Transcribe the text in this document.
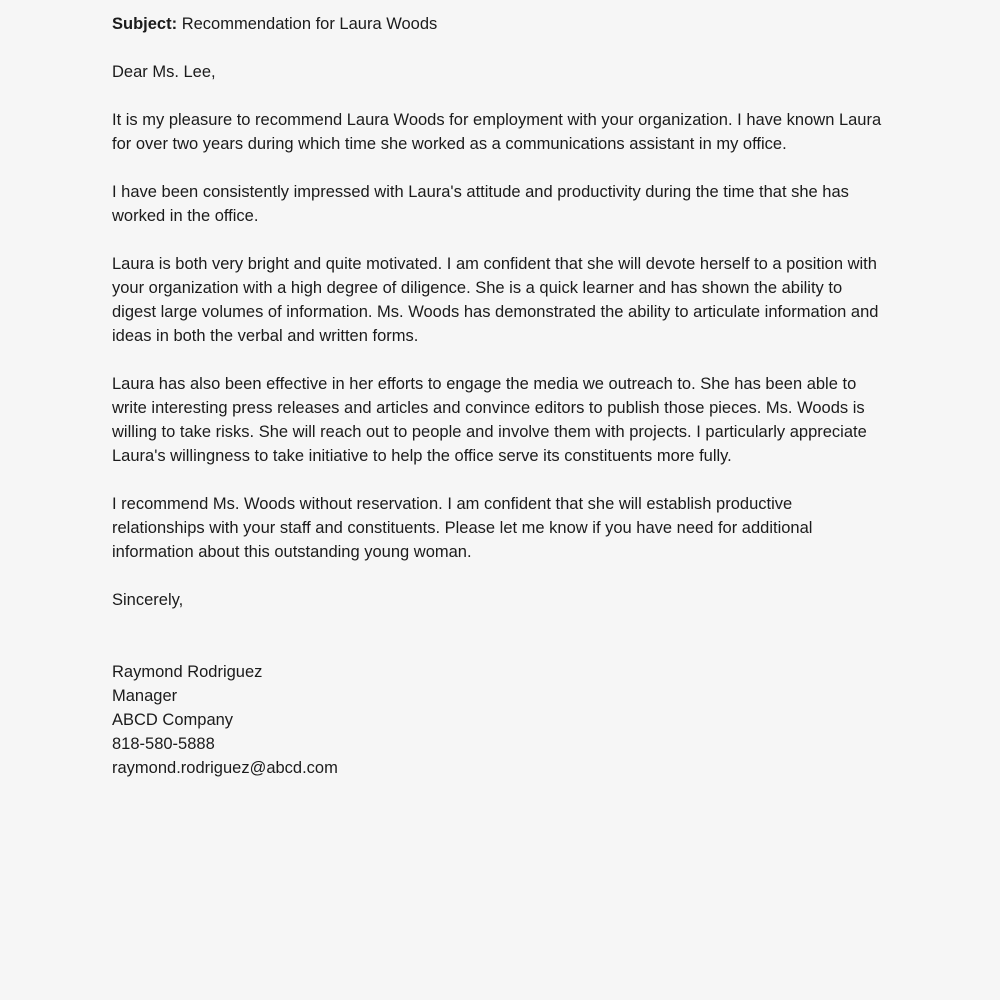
Subject: Recommendation for Laura Woods

Dear Ms. Lee,

It is my pleasure to recommend Laura Woods for employment with your organization. I have known Laura for over two years during which time she worked as a communications assistant in my office.

I have been consistently impressed with Laura's attitude and productivity during the time that she has worked in the office.

Laura is both very bright and quite motivated. I am confident that she will devote herself to a position with your organization with a high degree of diligence. She is a quick learner and has shown the ability to digest large volumes of information. Ms. Woods has demonstrated the ability to articulate information and ideas in both the verbal and written forms.

Laura has also been effective in her efforts to engage the media we outreach to. She has been able to write interesting press releases and articles and convince editors to publish those pieces. Ms. Woods is willing to take risks. She will reach out to people and involve them with projects. I particularly appreciate Laura's willingness to take initiative to help the office serve its constituents more fully.

I recommend Ms. Woods without reservation. I am confident that she will establish productive relationships with your staff and constituents. Please let me know if you have need for additional information about this outstanding young woman.

Sincerely,

Raymond Rodriguez

Manager

ABCD Company

818-580-5888

raymond.rodriguez@abcd.com
